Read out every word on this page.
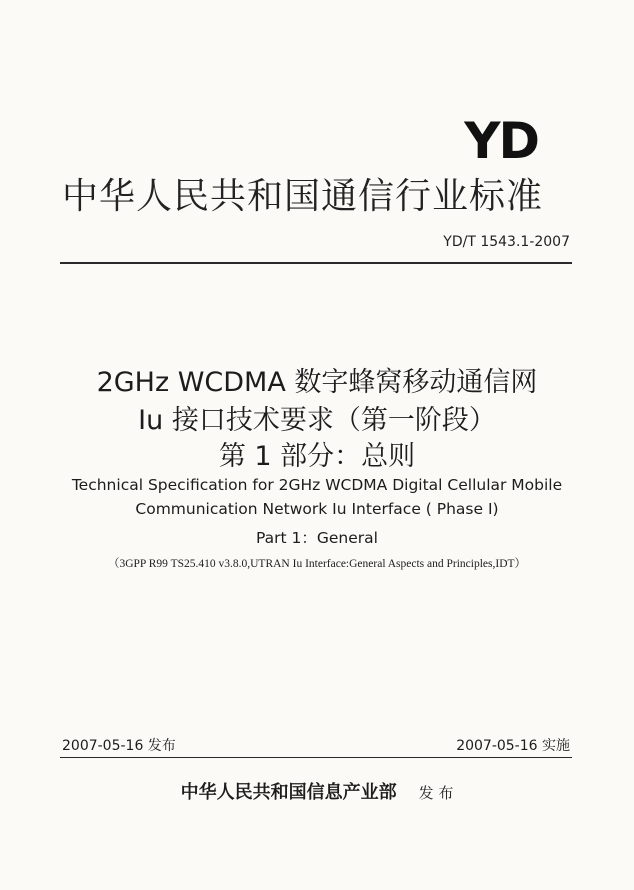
YD
中华人民共和国通信行业标准
YD/T 1543.1-2007
2GHz WCDMA 数字蜂窝移动通信网
Iu 接口技术要求（第一阶段）
第 1 部分：总则
Technical Specification for 2GHz WCDMA Digital Cellular Mobile
Communication Network Iu Interface ( Phase Ⅰ)
Part 1：General
（3GPP R99 TS25.410 v3.8.0,UTRAN Iu Interface:General Aspects and Principles,IDT）
2007-05-16 发布	2007-05-16 实施
中华人民共和国信息产业部 发 布
